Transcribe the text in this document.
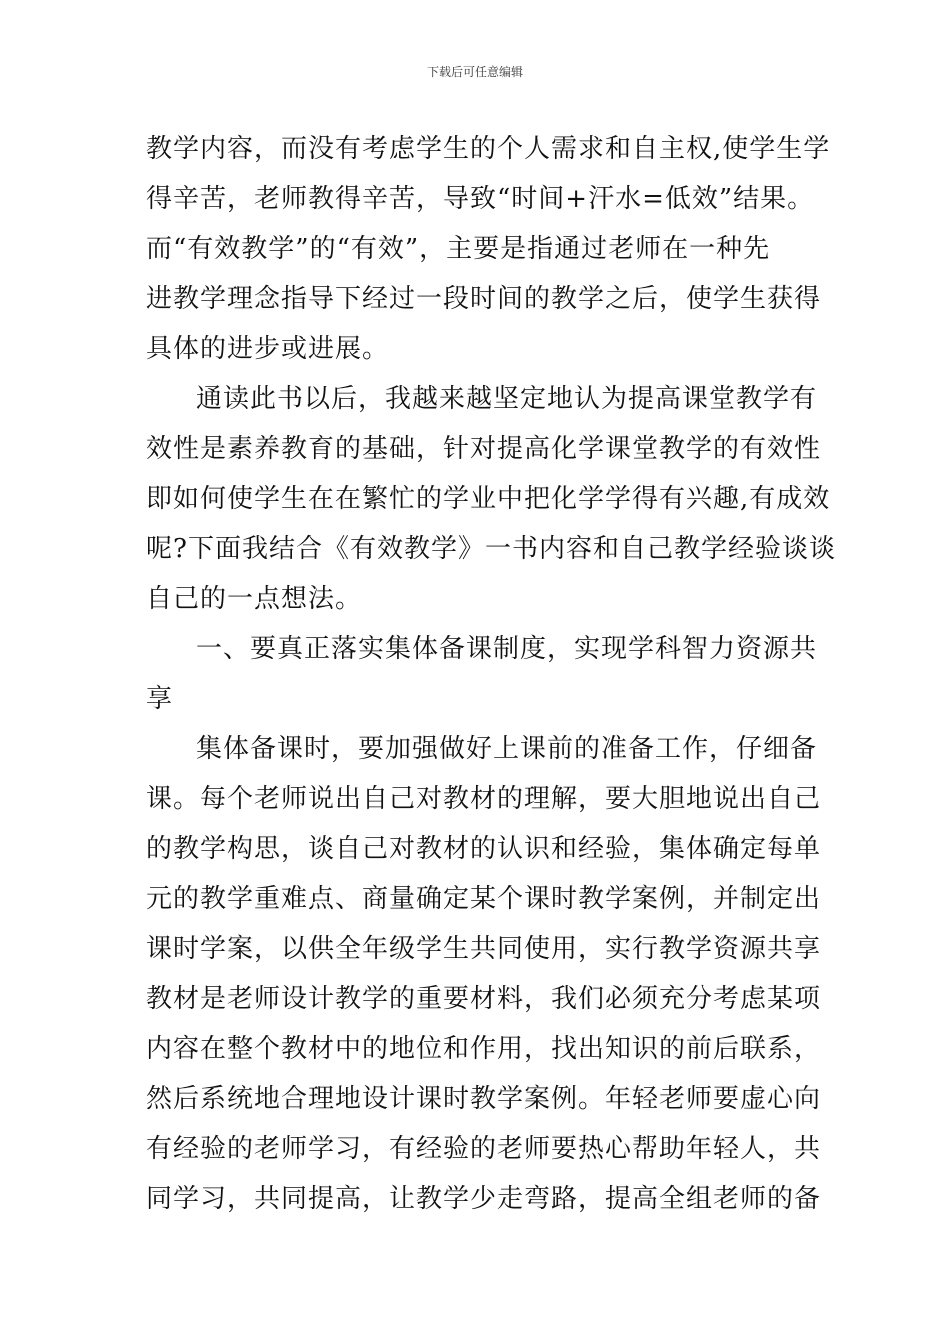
下载后可任意编辑
教学内容，而没有考虑学生的个人需求和自主权,使学生学
得辛苦，老师教得辛苦，导致“时间+汗水=低效”结果。
而“有效教学”的“有效”，主要是指通过老师在一种先
进教学理念指导下经过一段时间的教学之后，使学生获得
具体的进步或进展。
通读此书以后，我越来越坚定地认为提高课堂教学有
效性是素养教育的基础，针对提高化学课堂教学的有效性
即如何使学生在在繁忙的学业中把化学学得有兴趣,有成效
呢?下面我结合《有效教学》一书内容和自己教学经验谈谈
自己的一点想法。
一、要真正落实集体备课制度，实现学科智力资源共
享
集体备课时，要加强做好上课前的准备工作，仔细备
课。每个老师说出自己对教材的理解，要大胆地说出自己
的教学构思，谈自己对教材的认识和经验，集体确定每单
元的教学重难点、商量确定某个课时教学案例，并制定出
课时学案，以供全年级学生共同使用，实行教学资源共享
教材是老师设计教学的重要材料，我们必须充分考虑某项
内容在整个教材中的地位和作用，找出知识的前后联系，
然后系统地合理地设计课时教学案例。年轻老师要虚心向
有经验的老师学习，有经验的老师要热心帮助年轻人，共
同学习，共同提高，让教学少走弯路，提高全组老师的备
